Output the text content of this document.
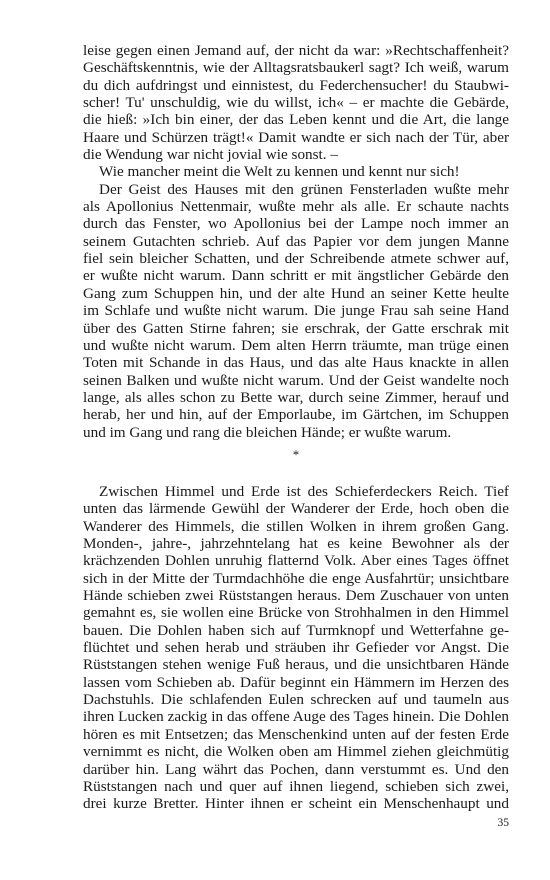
leise gegen einen Jemand auf, der nicht da war: »Rechtschaffenheit?
Geschäftskenntnis, wie der Alltagsratsbaukerl sagt? Ich weiß, warum
du dich aufdringst und einnistest, du Federchensucher! du Staubwi-
scher! Tu' unschuldig, wie du willst, ich« – er machte die Gebärde,
die hieß: »Ich bin einer, der das Leben kennt und die Art, die lange
Haare und Schürzen trägt!« Damit wandte er sich nach der Tür, aber
die Wendung war nicht jovial wie sonst. –
Wie mancher meint die Welt zu kennen und kennt nur sich!
Der Geist des Hauses mit den grünen Fensterladen wußte mehr
als Apollonius Nettenmair, wußte mehr als alle. Er schaute nachts
durch das Fenster, wo Apollonius bei der Lampe noch immer an
seinem Gutachten schrieb. Auf das Papier vor dem jungen Manne
fiel sein bleicher Schatten, und der Schreibende atmete schwer auf,
er wußte nicht warum. Dann schritt er mit ängstlicher Gebärde den
Gang zum Schuppen hin, und der alte Hund an seiner Kette heulte
im Schlafe und wußte nicht warum. Die junge Frau sah seine Hand
über des Gatten Stirne fahren; sie erschrak, der Gatte erschrak mit
und wußte nicht warum. Dem alten Herrn träumte, man trüge einen
Toten mit Schande in das Haus, und das alte Haus knackte in allen
seinen Balken und wußte nicht warum. Und der Geist wandelte noch
lange, als alles schon zu Bette war, durch seine Zimmer, herauf und
herab, her und hin, auf der Emporlaube, im Gärtchen, im Schuppen
und im Gang und rang die bleichen Hände; er wußte warum.
*
Zwischen Himmel und Erde ist des Schieferdeckers Reich. Tief
unten das lärmende Gewühl der Wanderer der Erde, hoch oben die
Wanderer des Himmels, die stillen Wolken in ihrem großen Gang.
Monden-, jahre-, jahrzehntelang hat es keine Bewohner als der
krächzenden Dohlen unruhig flatternd Volk. Aber eines Tages öffnet
sich in der Mitte der Turmdachhöhe die enge Ausfahrtür; unsichtbare
Hände schieben zwei Rüststangen heraus. Dem Zuschauer von unten
gemahnt es, sie wollen eine Brücke von Strohhalmen in den Himmel
bauen. Die Dohlen haben sich auf Turmknopf und Wetterfahne ge-
flüchtet und sehen herab und sträuben ihr Gefieder vor Angst. Die
Rüststangen stehen wenige Fuß heraus, und die unsichtbaren Hände
lassen vom Schieben ab. Dafür beginnt ein Hämmern im Herzen des
Dachstuhls. Die schlafenden Eulen schrecken auf und taumeln aus
ihren Lucken zackig in das offene Auge des Tages hinein. Die Dohlen
hören es mit Entsetzen; das Menschenkind unten auf der festen Erde
vernimmt es nicht, die Wolken oben am Himmel ziehen gleichmütig
darüber hin. Lang währt das Pochen, dann verstummt es. Und den
Rüststangen nach und quer auf ihnen liegend, schieben sich zwei,
drei kurze Bretter. Hinter ihnen er scheint ein Menschenhaupt und
35
